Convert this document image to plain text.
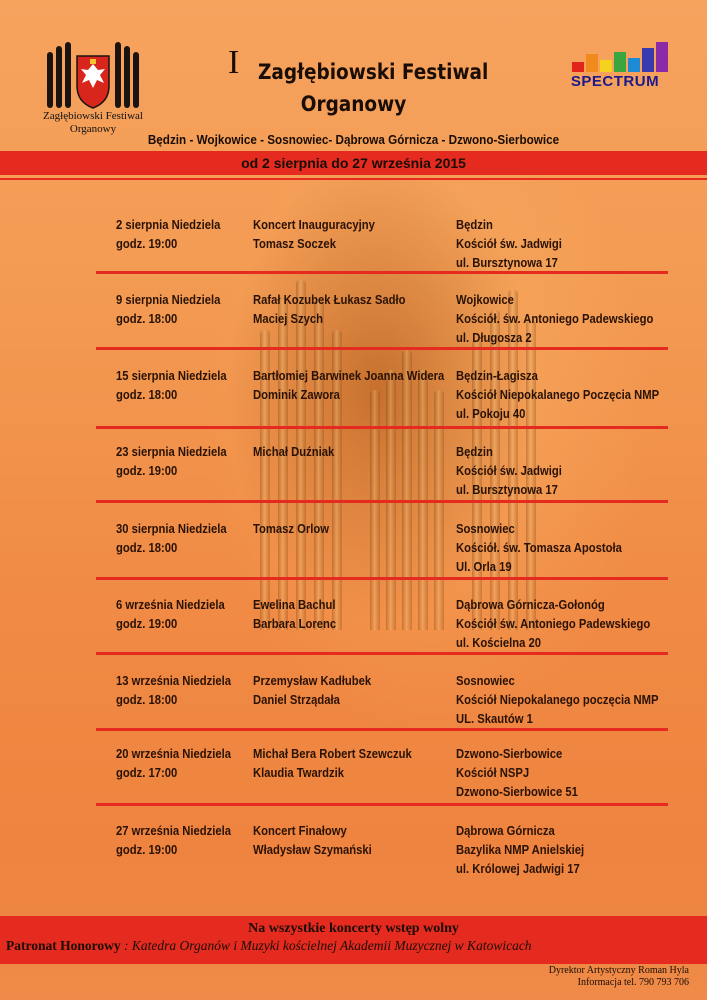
Zagłębiowski Festiwal
Organowy
SPECTRUM
I Zagłębiowski Festiwal
Organowy
Będzin - Wojkowice - Sosnowiec- Dąbrowa Górnicza - Dzwono-Sierbowice
od 2 sierpnia do 27 września 2015
2 sierpnia Niedziela
godz. 19:00
Koncert Inauguracyjny
Tomasz Soczek
Będzin
Kościół św. Jadwigi
ul. Bursztynowa 17
9 sierpnia Niedziela
godz. 18:00
Rafał Kozubek Łukasz Sadło
Maciej Szych
Wojkowice
Kościół. św. Antoniego Padewskiego
ul. Długosza 2
15 sierpnia Niedziela
godz. 18:00
Bartłomiej Barwinek Joanna Widera
Dominik Zawora
Będzin-Łagisza
Kościół Niepokalanego Poczęcia NMP
ul. Pokoju 40
23 sierpnia Niedziela
godz. 19:00
Michał Duźniak	Będzin
Kościół św. Jadwigi
ul. Bursztynowa 17
30 sierpnia Niedziela
godz. 18:00
Tomasz Orlow	Sosnowiec
Kościół. św. Tomasza Apostoła
Ul. Orla 19
6 września Niedziela
godz. 19:00
Ewelina Bachul
Barbara Lorenc
Dąbrowa Górnicza-Gołonóg
Kościół św. Antoniego Padewskiego
ul. Kościelna 20
13 września Niedziela
godz. 18:00
Przemysław Kadłubek
Daniel Strządała
Sosnowiec
Kościół Niepokalanego poczęcia NMP
UL. Skautów 1
20 września Niedziela
godz. 17:00
Michał Bera Robert Szewczuk
Klaudia Twardzik
Dzwono-Sierbowice
Kościół NSPJ
Dzwono-Sierbowice 51
27 września Niedziela
godz. 19:00
Koncert Finałowy
Władysław Szymański
Dąbrowa Górnicza
Bazylika NMP Anielskiej
ul. Królowej Jadwigi 17
Na wszystkie koncerty wstęp wolny
Patronat Honorowy : Katedra Organów i Muzyki kościelnej Akademii Muzycznej w Katowicach
Dyrektor Artystyczny Roman Hyla
Informacja tel. 790 793 706
